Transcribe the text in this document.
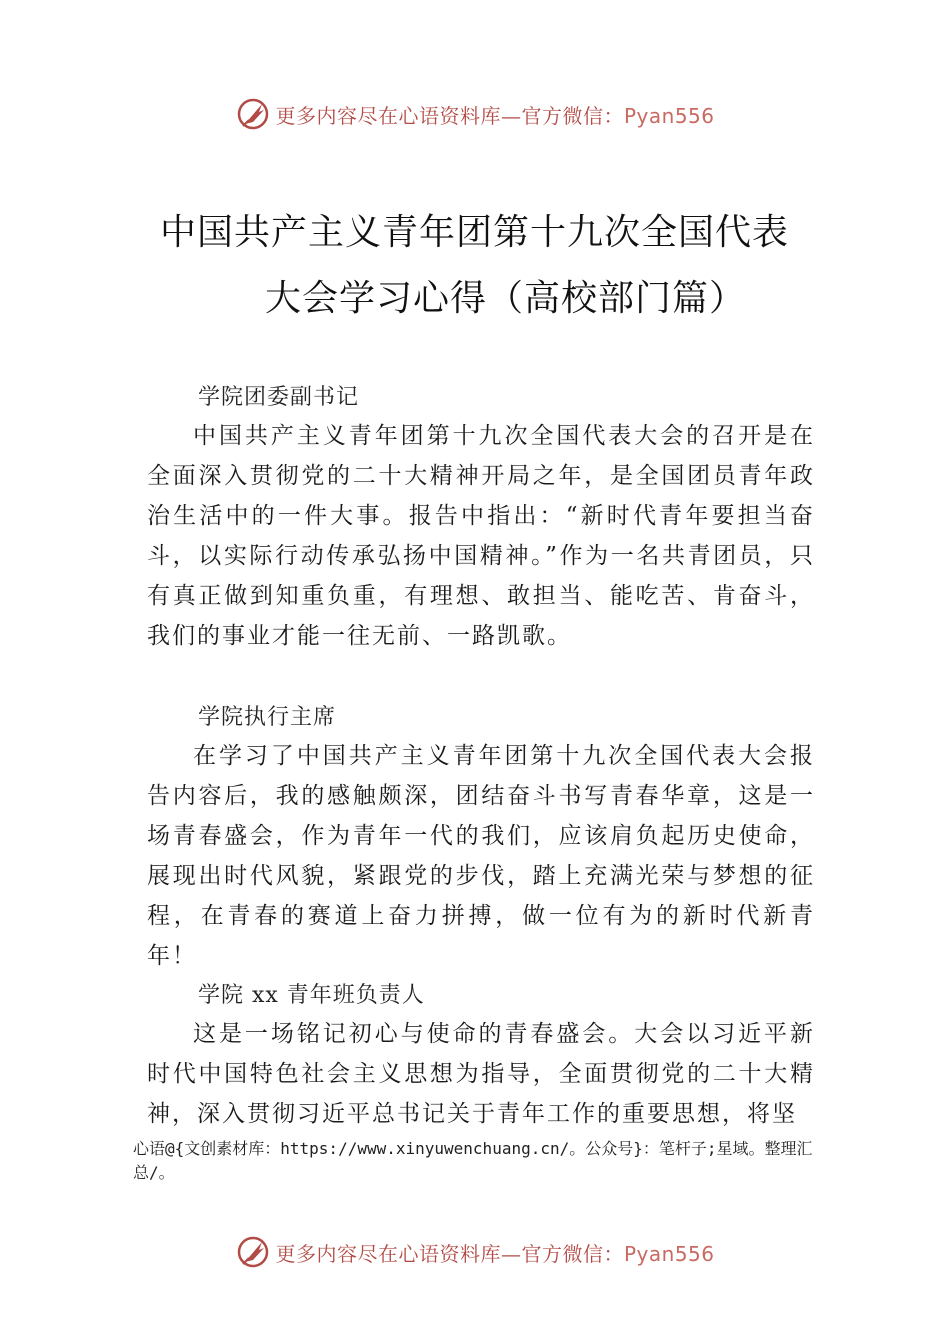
更多内容尽在心语资料库—官方微信：Pyan556
中国共产主义青年团第十九次全国代表
大会学习心得（高校部门篇）
学院团委副书记

中国共产主义青年团第十九次全国代表大会的召开是在全面深入贯彻党的二十大精神开局之年，是全国团员青年政治生活中的一件大事。报告中指出：“新时代青年要担当奋斗，以实际行动传承弘扬中国精神。”作为一名共青团员，只有真正做到知重负重，有理想、敢担当、能吃苦、肯奋斗， 我们的事业才能一往无前、一路凯歌。

学院执行主席

在学习了中国共产主义青年团第十九次全国代表大会报告内容后，我的感触颇深，团结奋斗书写青春华章，这是一场青春盛会，作为青年一代的我们，应该肩负起历史使命，展现出时代风貌，紧跟党的步伐，踏上充满光荣与梦想的征程，在青春的赛道上奋力拼搏，做一位有为的新时代新青年！

学院 xx 青年班负责人

这是一场铭记初心与使命的青春盛会。大会以习近平新时代中国特色社会主义思想为指导，全面贯彻党的二十大精神，深入贯彻习近平总书记关于青年工作的重要思想，将坚

心语@{文创素材库：https://www.xinyuwenchuang.cn/。公众号}：笔杆子;星域。整理汇总/。

更多内容尽在心语资料库—官方微信：Pyan556
